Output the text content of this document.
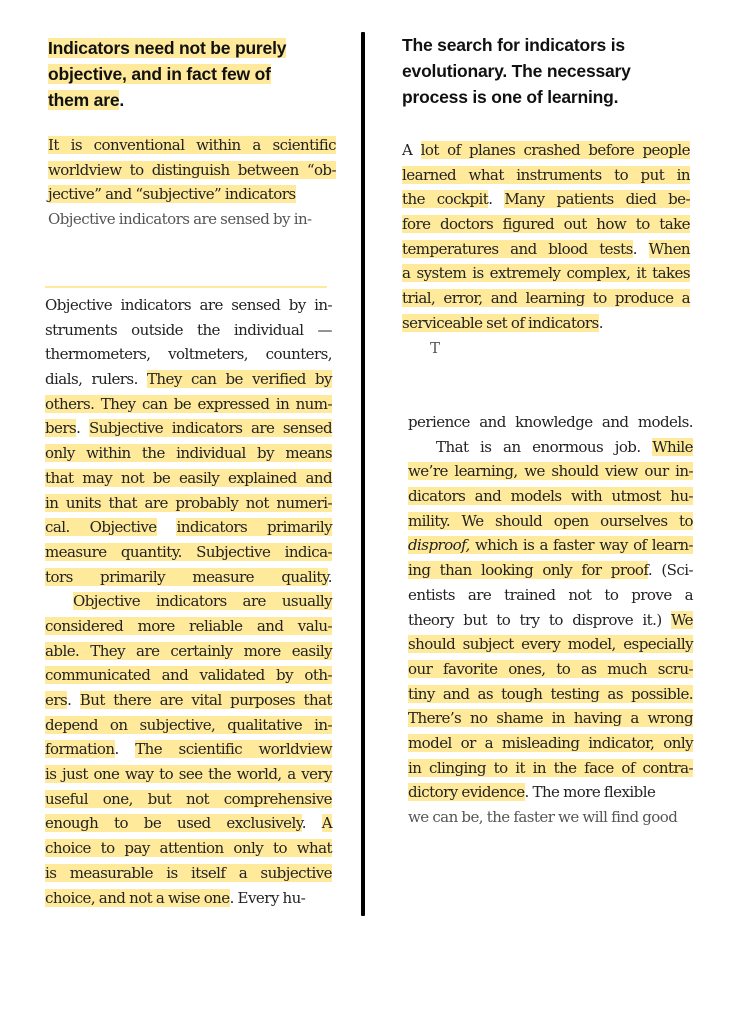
Indicators need not be purely
objective, and in fact few of
them are.
It is conventional within a scientific
worldview to distinguish between “ob-
jective” and “subjective” indicators
Objective indicators are sensed by in-
Objective indicators are sensed by in-
struments outside the individual —
thermometers, voltmeters, counters,
dials, rulers. They can be verified by
others. They can be expressed in num-
bers. Subjective indicators are sensed
only within the individual by means
that may not be easily explained and
in units that are probably not numeri-
cal. Objective indicators primarily
measure quantity. Subjective indica-
tors primarily measure quality.
Objective indicators are usually
considered more reliable and valu-
able. They are certainly more easily
communicated and validated by oth-
ers. But there are vital purposes that
depend on subjective, qualitative in-
formation. The scientific worldview
is just one way to see the world, a very
useful one, but not comprehensive
enough to be used exclusively. A
choice to pay attention only to what
is measurable is itself a subjective
choice, and not a wise one. Every hu-
The search for indicators is
evolutionary. The necessary
process is one of learning.
A lot of planes crashed before people
learned what instruments to put in
the cockpit. Many patients died be-
fore doctors figured out how to take
temperatures and blood tests. When
a system is extremely complex, it takes
trial, error, and learning to produce a
serviceable set of indicators.
T
perience and knowledge and models.
That is an enormous job. While
we’re learning, we should view our in-
dicators and models with utmost hu-
mility. We should open ourselves to
disproof, which is a faster way of learn-
ing than looking only for proof. (Sci-
entists are trained not to prove a
theory but to try to disprove it.) We
should subject every model, especially
our favorite ones, to as much scru-
tiny and as tough testing as possible.
There’s no shame in having a wrong
model or a misleading indicator, only
in clinging to it in the face of contra-
dictory evidence. The more flexible
we can be, the faster we will find good
